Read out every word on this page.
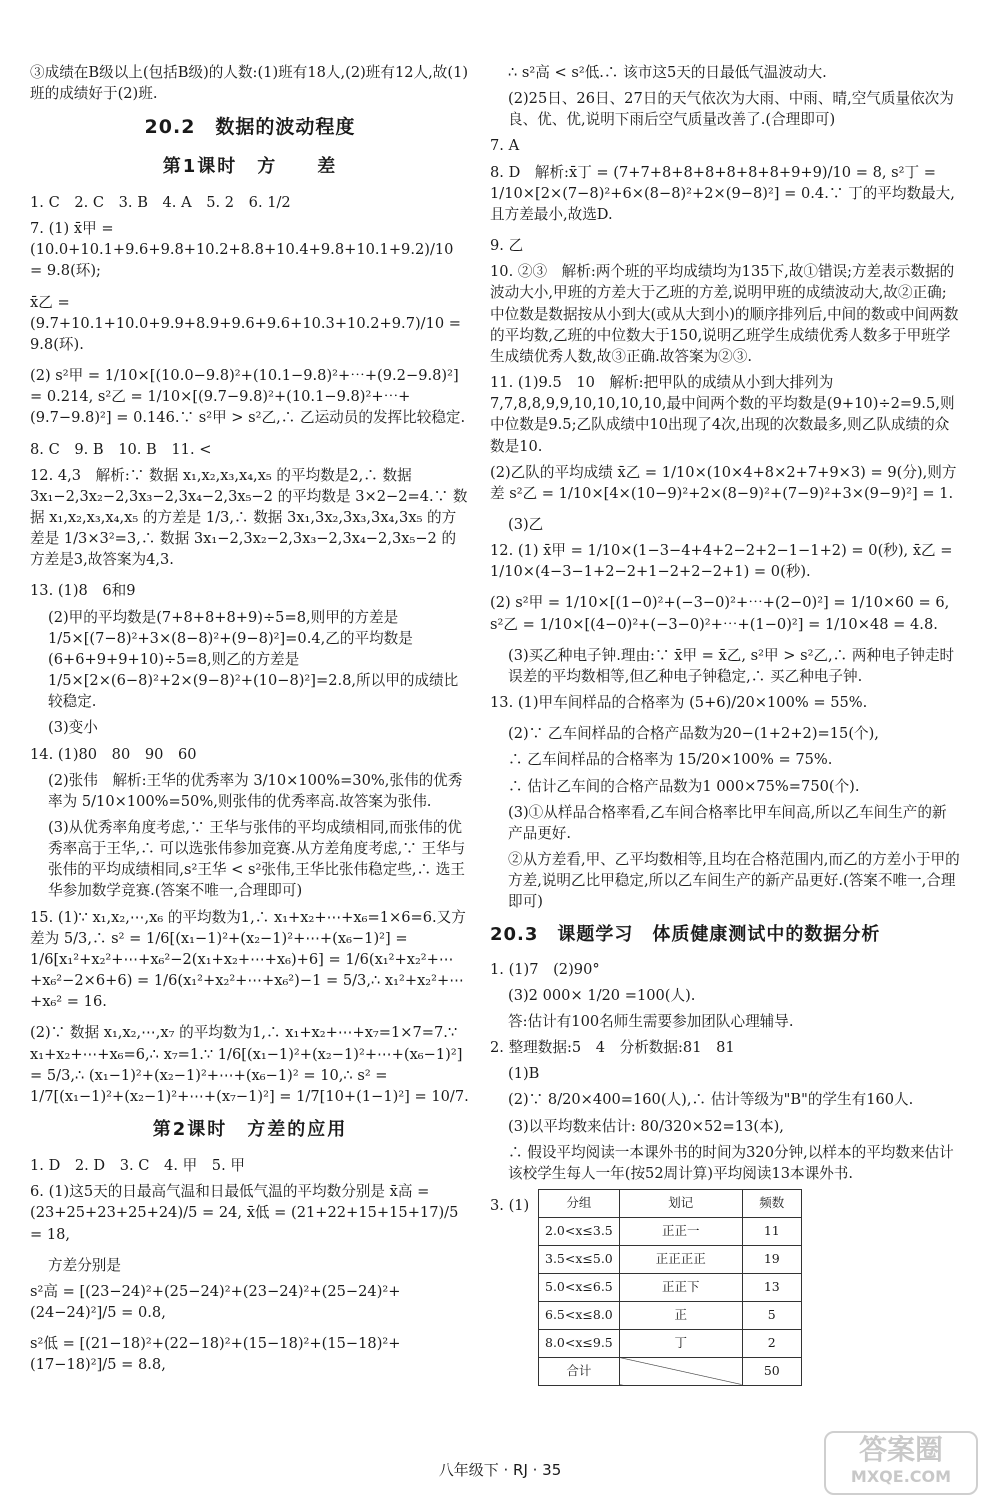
③成绩在B级以上(包括B级)的人数:(1)班有18人,(2)班有12人,故(1)班的成绩好于(2)班.
20.2　数据的波动程度
第1课时　方　　差
1. C　2. C　3. B　4. A　5. 2　6. 1/2
7. (1) x̄甲 = (10.0+10.1+9.6+9.8+10.2+8.8+10.4+9.8+10.1+9.2)/10 = 9.8(环);
x̄乙 = (9.7+10.1+10.0+9.9+8.9+9.6+9.6+10.3+10.2+9.7)/10 = 9.8(环).
(2) s²甲 = 1/10×[(10.0−9.8)²+(10.1−9.8)²+⋯+(9.2−9.8)²] = 0.214, s²乙 = 1/10×[(9.7−9.8)²+(10.1−9.8)²+⋯+(9.7−9.8)²] = 0.146.∵ s²甲 > s²乙,∴ 乙运动员的发挥比较稳定.
8. C　9. B　10. B　11. <
12. 4,3　解析:∵ 数据 x₁,x₂,x₃,x₄,x₅ 的平均数是2,∴ 数据 3x₁−2,3x₂−2,3x₃−2,3x₄−2,3x₅−2 的平均数是 3×2−2=4.∵ 数据 x₁,x₂,x₃,x₄,x₅ 的方差是 1/3,∴ 数据 3x₁,3x₂,3x₃,3x₄,3x₅ 的方差是 1/3×3²=3,∴ 数据 3x₁−2,3x₂−2,3x₃−2,3x₄−2,3x₅−2 的方差是3,故答案为4,3.
13. (1)8　6和9
(2)甲的平均数是(7+8+8+8+9)÷5=8,则甲的方差是 1/5×[(7−8)²+3×(8−8)²+(9−8)²]=0.4,乙的平均数是(6+6+9+9+10)÷5=8,则乙的方差是 1/5×[2×(6−8)²+2×(9−8)²+(10−8)²]=2.8,所以甲的成绩比较稳定.
(3)变小
14. (1)80　80　90　60
(2)张伟　解析:王华的优秀率为 3/10×100%=30%,张伟的优秀率为 5/10×100%=50%,则张伟的优秀率高.故答案为张伟.
(3)从优秀率角度考虑,∵ 王华与张伟的平均成绩相同,而张伟的优秀率高于王华,∴ 可以选张伟参加竞赛.从方差角度考虑,∵ 王华与张伟的平均成绩相同,s²王华 < s²张伟,王华比张伟稳定些,∴ 选王华参加数学竞赛.(答案不唯一,合理即可)
15. (1)∵ x₁,x₂,⋯,x₆ 的平均数为1,∴ x₁+x₂+⋯+x₆=1×6=6.又方差为 5/3,∴ s² = 1/6[(x₁−1)²+(x₂−1)²+⋯+(x₆−1)²] = 1/6[x₁²+x₂²+⋯+x₆²−2(x₁+x₂+⋯+x₆)+6] = 1/6(x₁²+x₂²+⋯+x₆²−2×6+6) = 1/6(x₁²+x₂²+⋯+x₆²)−1 = 5/3,∴ x₁²+x₂²+⋯+x₆² = 16.
(2)∵ 数据 x₁,x₂,⋯,x₇ 的平均数为1,∴ x₁+x₂+⋯+x₇=1×7=7.∵ x₁+x₂+⋯+x₆=6,∴ x₇=1.∵ 1/6[(x₁−1)²+(x₂−1)²+⋯+(x₆−1)²] = 5/3,∴ (x₁−1)²+(x₂−1)²+⋯+(x₆−1)² = 10,∴ s² = 1/7[(x₁−1)²+(x₂−1)²+⋯+(x₇−1)²] = 1/7[10+(1−1)²] = 10/7.
第2课时　方差的应用
1. D　2. D　3. C　4. 甲　5. 甲
6. (1)这5天的日最高气温和日最低气温的平均数分别是 x̄高 = (23+25+23+25+24)/5 = 24, x̄低 = (21+22+15+15+17)/5 = 18,
方差分别是
s²高 = [(23−24)²+(25−24)²+(23−24)²+(25−24)²+(24−24)²]/5 = 0.8,
s²低 = [(21−18)²+(22−18)²+(15−18)²+(15−18)²+(17−18)²]/5 = 8.8,
∴ s²高 < s²低.∴ 该市这5天的日最低气温波动大.
(2)25日、26日、27日的天气依次为大雨、中雨、晴,空气质量依次为良、优、优,说明下雨后空气质量改善了.(合理即可)
7. A
8. D　解析:x̄丁 = (7+7+8+8+8+8+8+8+9+9)/10 = 8, s²丁 = 1/10×[2×(7−8)²+6×(8−8)²+2×(9−8)²] = 0.4.∵ 丁的平均数最大,且方差最小,故选D.
9. 乙
10. ②③　解析:两个班的平均成绩均为135下,故①错误;方差表示数据的波动大小,甲班的方差大于乙班的方差,说明甲班的成绩波动大,故②正确;中位数是数据按从小到大(或从大到小)的顺序排列后,中间的数或中间两数的平均数,乙班的中位数大于150,说明乙班学生成绩优秀人数多于甲班学生成绩优秀人数,故③正确.故答案为②③.
11. (1)9.5　10　解析:把甲队的成绩从小到大排列为7,7,8,8,9,9,10,10,10,10,最中间两个数的平均数是(9+10)÷2=9.5,则中位数是9.5;乙队成绩中10出现了4次,出现的次数最多,则乙队成绩的众数是10.
(2)乙队的平均成绩 x̄乙 = 1/10×(10×4+8×2+7+9×3) = 9(分),则方差 s²乙 = 1/10×[4×(10−9)²+2×(8−9)²+(7−9)²+3×(9−9)²] = 1.
(3)乙
12. (1) x̄甲 = 1/10×(1−3−4+4+2−2+2−1−1+2) = 0(秒), x̄乙 = 1/10×(4−3−1+2−2+1−2+2−2+1) = 0(秒).
(2) s²甲 = 1/10×[(1−0)²+(−3−0)²+⋯+(2−0)²] = 1/10×60 = 6, s²乙 = 1/10×[(4−0)²+(−3−0)²+⋯+(1−0)²] = 1/10×48 = 4.8.
(3)买乙种电子钟.理由:∵ x̄甲 = x̄乙, s²甲 > s²乙,∴ 两种电子钟走时误差的平均数相等,但乙种电子钟稳定,∴ 买乙种电子钟.
13. (1)甲车间样品的合格率为 (5+6)/20×100% = 55%.
(2)∵ 乙车间样品的合格产品数为20−(1+2+2)=15(个),
∴ 乙车间样品的合格率为 15/20×100% = 75%.
∴ 估计乙车间的合格产品数为1 000×75%=750(个).
(3)①从样品合格率看,乙车间合格率比甲车间高,所以乙车间生产的新产品更好.
②从方差看,甲、乙平均数相等,且均在合格范围内,而乙的方差小于甲的方差,说明乙比甲稳定,所以乙车间生产的新产品更好.(答案不唯一,合理即可)
20.3　课题学习　体质健康测试中的数据分析
1. (1)7　(2)90°
(3)2 000× 1/20 =100(人).
答:估计有100名师生需要参加团队心理辅导.
2. 整理数据:5　4　分析数据:81　81
(1)B
(2)∵ 8/20×400=160(人),∴ 估计等级为"B"的学生有160人.
(3)以平均数来估计: 80/320×52=13(本),
∴ 假设平均阅读一本课外书的时间为320分钟,以样本的平均数来估计该校学生每人一年(按52周计算)平均阅读13本课外书.
3. (1)	分组	划记	频数
2.0<x≤3.5	正正一	11
3.5<x≤5.0	正正正正	19
5.0<x≤6.5	正正下	13
6.5<x≤8.0	正	5
8.0<x≤9.5	丁	2
合计		50
八年级下 · RJ · 35
答案圈
MXQE.COM
